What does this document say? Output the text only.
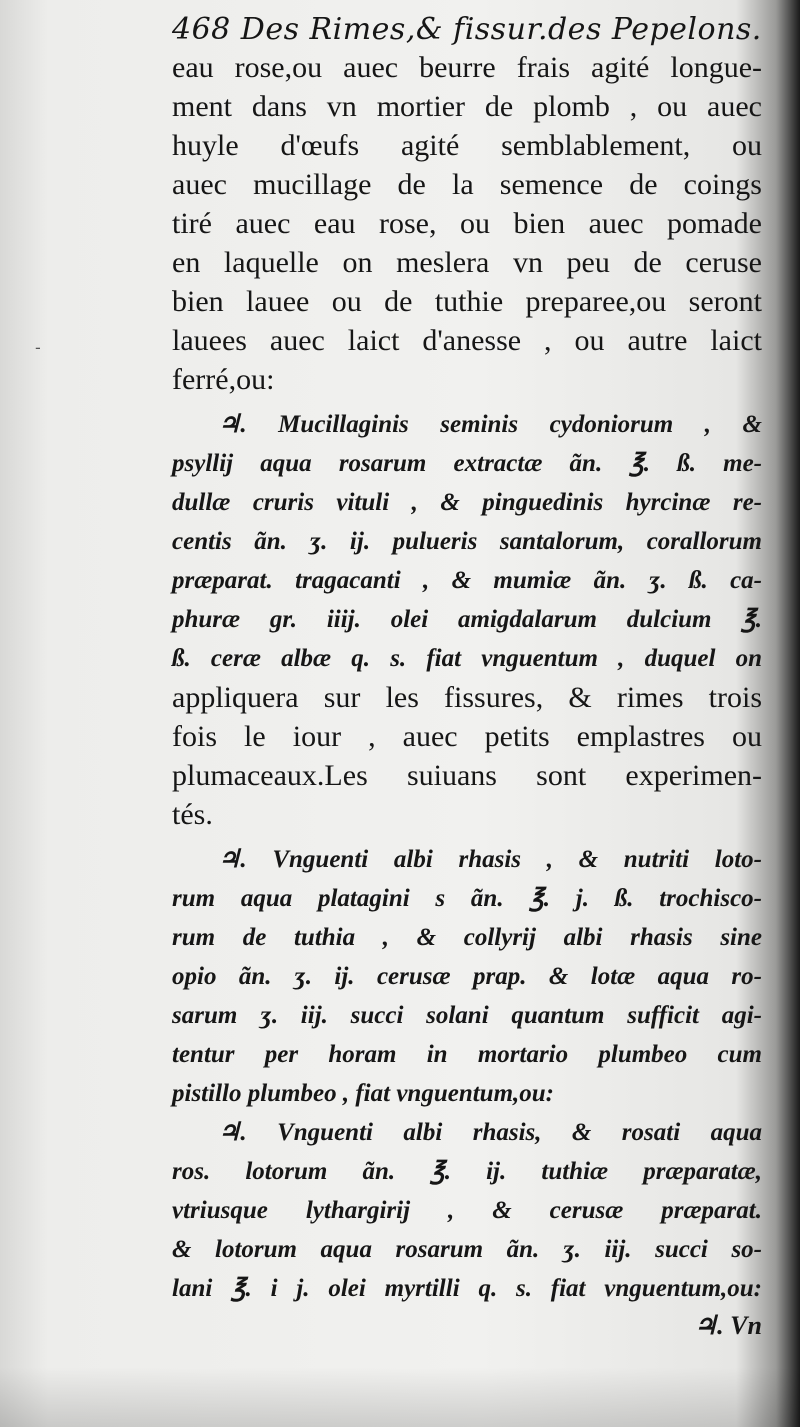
-
468 Des Rimes,& fissur.des Pepelons.
eau rose,ou auec beurre frais agité longue-
ment dans vn mortier de plomb , ou auec
huyle d'œufs agité semblablement, ou
auec mucillage de la semence de coings
tiré auec eau rose, ou bien auec pomade
en laquelle on meslera vn peu de ceruse
bien lauee ou de tuthie preparee,ou seront
lauees auec laict d'anesse , ou autre laict
ferré,ou:
♃. Mucillaginis seminis cydoniorum , &
psyllij aqua rosarum extractæ ãn. ℥. ß. me-
dullæ cruris vituli , & pinguedinis hyrcinæ re-
centis ãn. ʒ. ij. pulueris santalorum, corallorum
præparat. tragacanti , & mumiæ ãn. ʒ. ß. ca-
phuræ gr. iiij. olei amigdalarum dulcium ℥.
ß. ceræ albæ q. s. fiat vnguentum , duquel on
appliquera sur les fissures, & rimes trois
fois le iour , auec petits emplastres ou
plumaceaux.Les suiuans sont experimen-
tés.
♃. Vnguenti albi rhasis , & nutriti loto-
rum aqua platagini s ãn. ℥. j. ß. trochisco-
rum de tuthia , & collyrij albi rhasis sine
opio ãn. ʒ. ij. cerusæ prap. & lotæ aqua ro-
sarum ʒ. iij. succi solani quantum sufficit agi-
tentur per horam in mortario plumbeo cum
pistillo plumbeo , fiat vnguentum,ou:
♃. Vnguenti albi rhasis, & rosati aqua
ros. lotorum ãn. ℥. ij. tuthiæ præparatæ,
vtriusque lythargirij , & cerusæ præparat.
& lotorum aqua rosarum ãn. ʒ. iij. succi so-
lani ℥. i j. olei myrtilli q. s. fiat vnguentum,ou:
♃. Vn
